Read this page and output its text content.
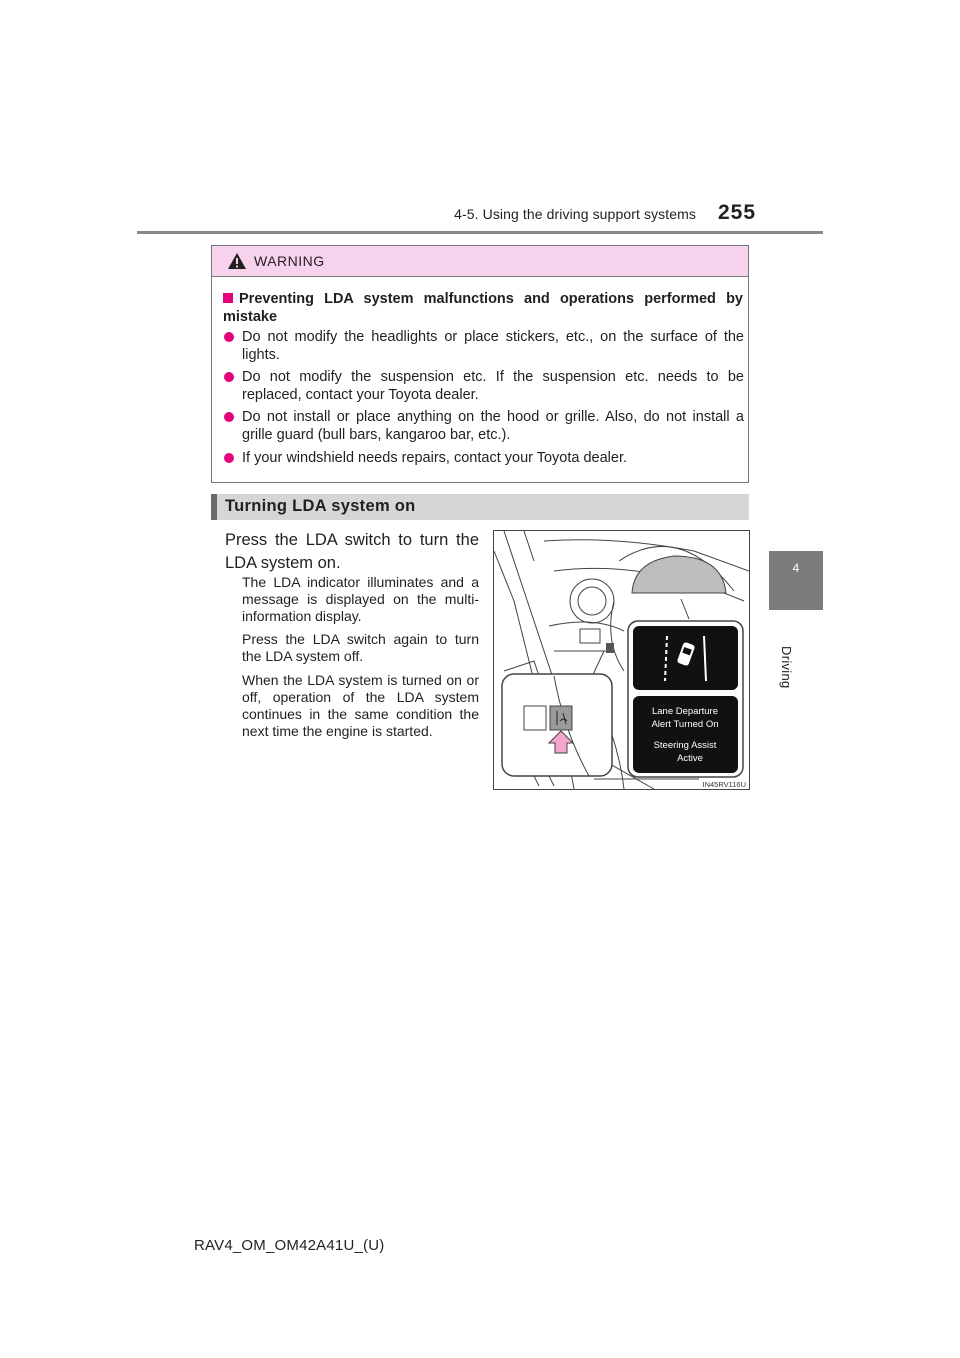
4-5. Using the driving support systems 255
4
Driving
WARNING
Preventing LDA system malfunctions and operations performed by mistake
Do not modify the headlights or place stickers, etc., on the surface of the lights.
Do not modify the suspension etc. If the suspension etc. needs to be replaced, contact your Toyota dealer.
Do not install or place anything on the hood or grille. Also, do not install a grille guard (bull bars, kangaroo bar, etc.).
If your windshield needs repairs, contact your Toyota dealer.
Turning LDA system on
Press the LDA switch to turn the LDA system on.
The LDA indicator illuminates and a message is displayed on the multi-information display.
Press the LDA switch again to turn the LDA system off.
When the LDA system is turned on or off, operation of the LDA system continues in the same condition the next time the engine is started.
Lane Departure
Alert Turned On
Steering Assist
Active
IN45RV116U
RAV4_OM_OM42A41U_(U)
